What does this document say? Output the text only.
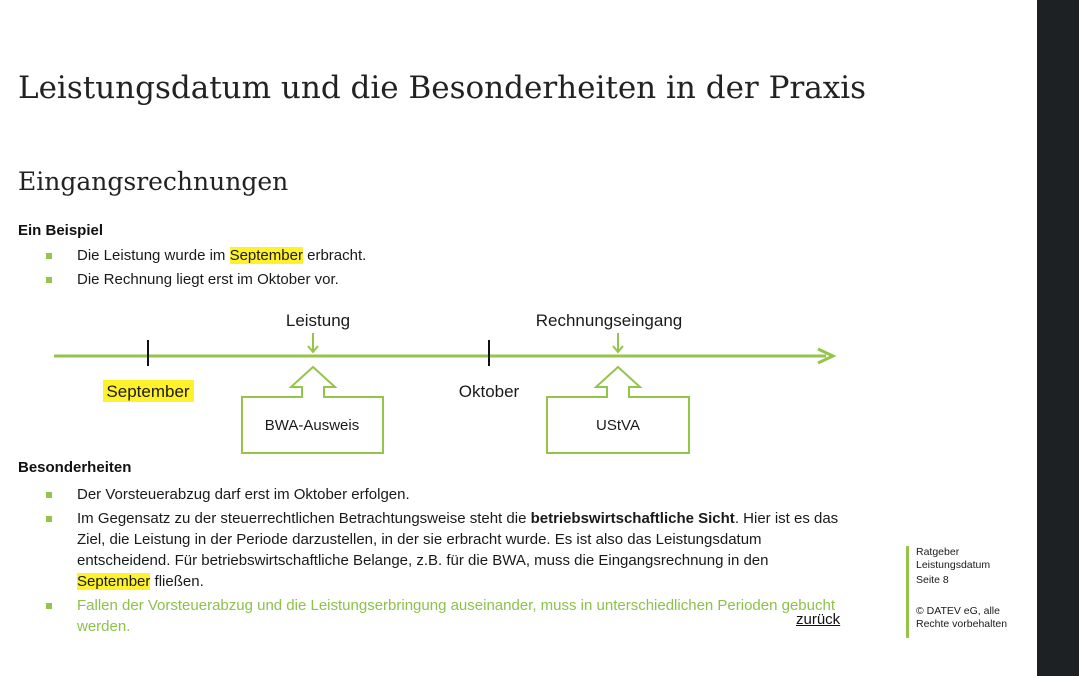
Leistungsdatum und die Besonderheiten in der Praxis
Eingangsrechnungen
Ein Beispiel
Die Leistung wurde im September erbracht.
Die Rechnung liegt erst im Oktober vor.
Leistung	Rechnungseingang
September	Oktober
BWA-Ausweis	UStVA
Besonderheiten
Der Vorsteuerabzug darf erst im Oktober erfolgen.
Im Gegensatz zu der steuerrechtlichen Betrachtungsweise steht die betriebswirtschaftliche Sicht. Hier ist es das Ziel, die Leistung in der Periode darzustellen, in der sie erbracht wurde. Es ist also das Leistungsdatum entscheidend. Für betriebswirtschaftliche Belange, z.B. für die BWA, muss die Eingangsrechnung in den September fließen.
Fallen der Vorsteuerabzug und die Leistungserbringung auseinander, muss in unterschiedlichen Perioden gebucht werden.	zurück
Ratgeber
Leistungsdatum
Seite 8
© DATEV eG, alle
Rechte vorbehalten
